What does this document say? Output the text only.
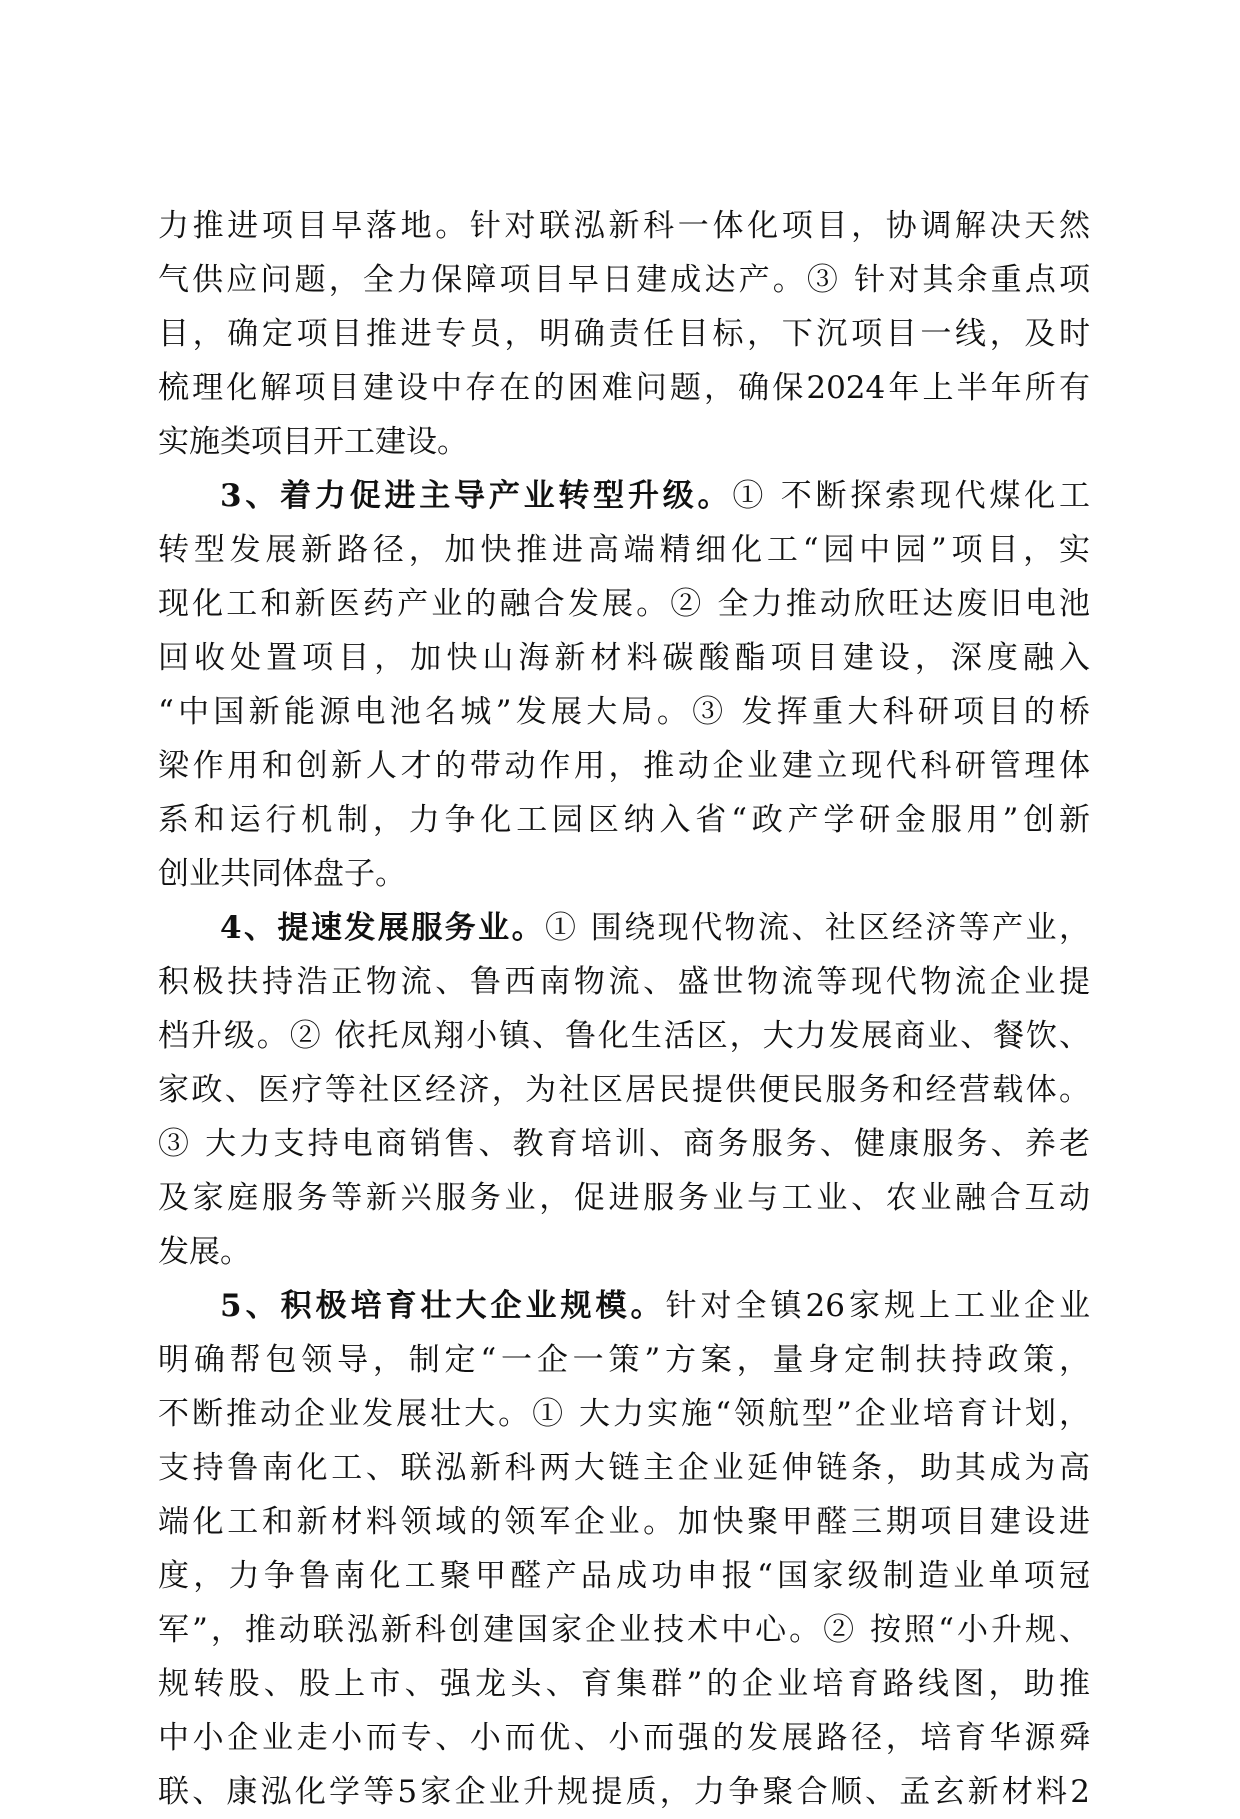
力推进项目早落地。针对联泓新科一体化项目，协调解决天然
气供应问题，全力保障项目早日建成达产。③ 针对其余重点项
目，确定项目推进专员，明确责任目标，下沉项目一线，及时
梳理化解项目建设中存在的困难问题，确保2024年上半年所有
实施类项目开工建设。
3、着力促进主导产业转型升级。① 不断探索现代煤化工
转型发展新路径，加快推进高端精细化工“园中园”项目，实
现化工和新医药产业的融合发展。② 全力推动欣旺达废旧电池
回收处置项目，加快山海新材料碳酸酯项目建设，深度融入
“中国新能源电池名城”发展大局。③ 发挥重大科研项目的桥
梁作用和创新人才的带动作用，推动企业建立现代科研管理体
系和运行机制，力争化工园区纳入省“政产学研金服用”创新
创业共同体盘子。
4、提速发展服务业。① 围绕现代物流、社区经济等产业，
积极扶持浩正物流、鲁西南物流、盛世物流等现代物流企业提
档升级。② 依托凤翔小镇、鲁化生活区，大力发展商业、餐饮、
家政、医疗等社区经济，为社区居民提供便民服务和经营载体。
③ 大力支持电商销售、教育培训、商务服务、健康服务、养老
及家庭服务等新兴服务业，促进服务业与工业、农业融合互动
发展。
5、积极培育壮大企业规模。针对全镇26家规上工业企业
明确帮包领导，制定“一企一策”方案，量身定制扶持政策，
不断推动企业发展壮大。① 大力实施“领航型”企业培育计划，
支持鲁南化工、联泓新科两大链主企业延伸链条，助其成为高
端化工和新材料领域的领军企业。加快聚甲醛三期项目建设进
度，力争鲁南化工聚甲醛产品成功申报“国家级制造业单项冠
军”，推动联泓新科创建国家企业技术中心。② 按照“小升规、
规转股、股上市、强龙头、育集群”的企业培育路线图，助推
中小企业走小而专、小而优、小而强的发展路径，培育华源舜
联、康泓化学等5家企业升规提质，力争聚合顺、孟玄新材料2
